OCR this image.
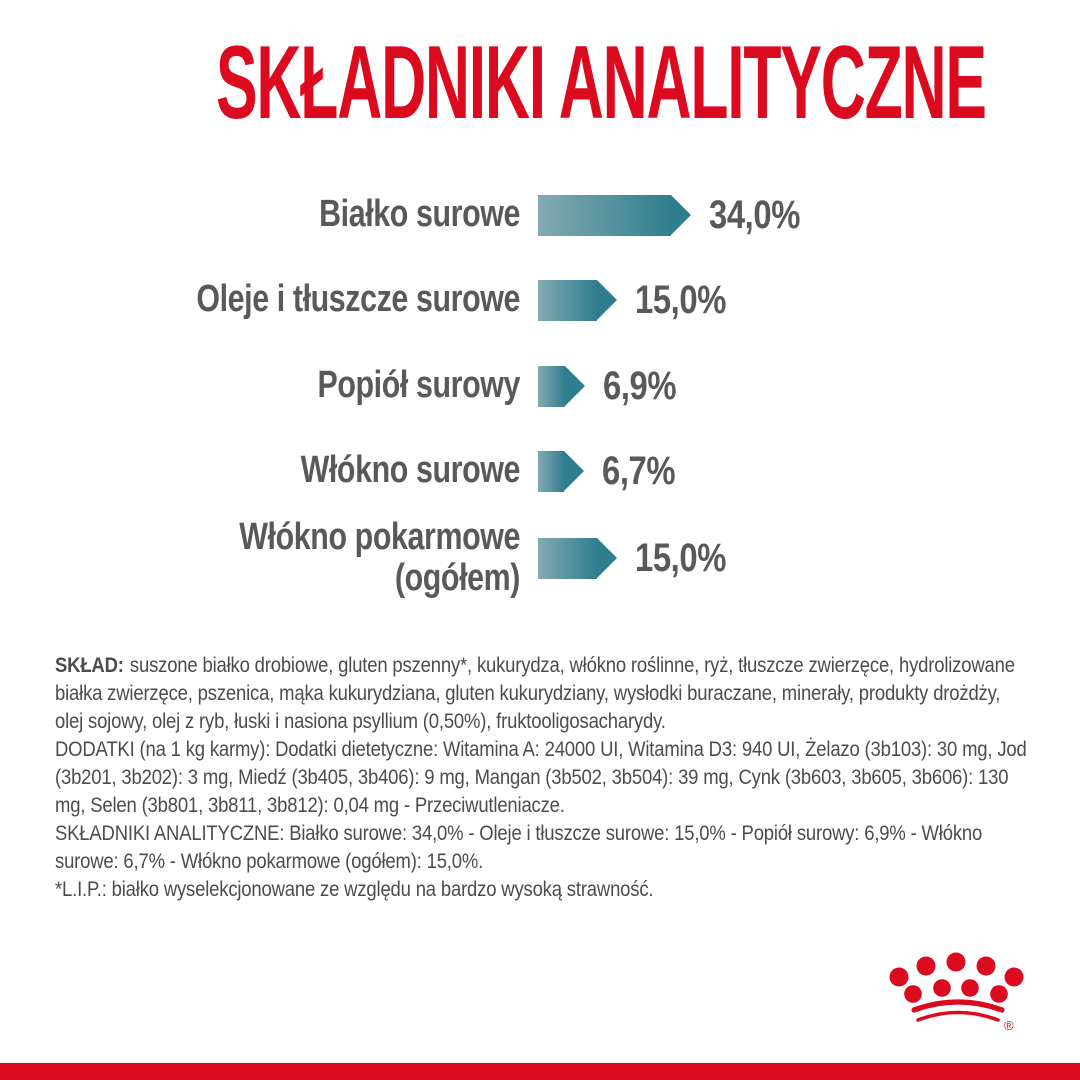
SKŁADNIKI ANALITYCZNE
Białko surowe	34,0%
Oleje i tłuszcze surowe	15,0%
Popiół surowy 6,9%
Włókno surowe 6,7%
Włókno pokarmowe
(ogółem)	15,0%

SKŁAD: suszone białko drobiowe, gluten pszenny*, kukurydza, włókno roślinne, ryż, tłuszcze zwierzęce, hydrolizowane białka zwierzęce, pszenica, mąka kukurydziana, gluten kukurydziany, wysłodki buraczane, minerały, produkty drożdży, olej sojowy, olej z ryb, łuski i nasiona psyllium (0,50%), fruktooligosacharydy.

DODATKI (na 1 kg karmy): Dodatki dietetyczne: Witamina A: 24000 UI, Witamina D3: 940 UI, Żelazo (3b103): 30 mg, Jod (3b201, 3b202): 3 mg, Miedź (3b405, 3b406): 9 mg, Mangan (3b502, 3b504): 39 mg, Cynk (3b603, 3b605, 3b606): 130 mg, Selen (3b801, 3b811, 3b812): 0,04 mg - Przeciwutleniacze.

SKŁADNIKI ANALITYCZNE: Białko surowe: 34,0% - Oleje i tłuszcze surowe: 15,0% - Popiół surowy: 6,9% - Włókno surowe: 6,7% - Włókno pokarmowe (ogółem): 15,0%.

*L.I.P.: białko wyselekcjonowane ze względu na bardzo wysoką strawność.

®
